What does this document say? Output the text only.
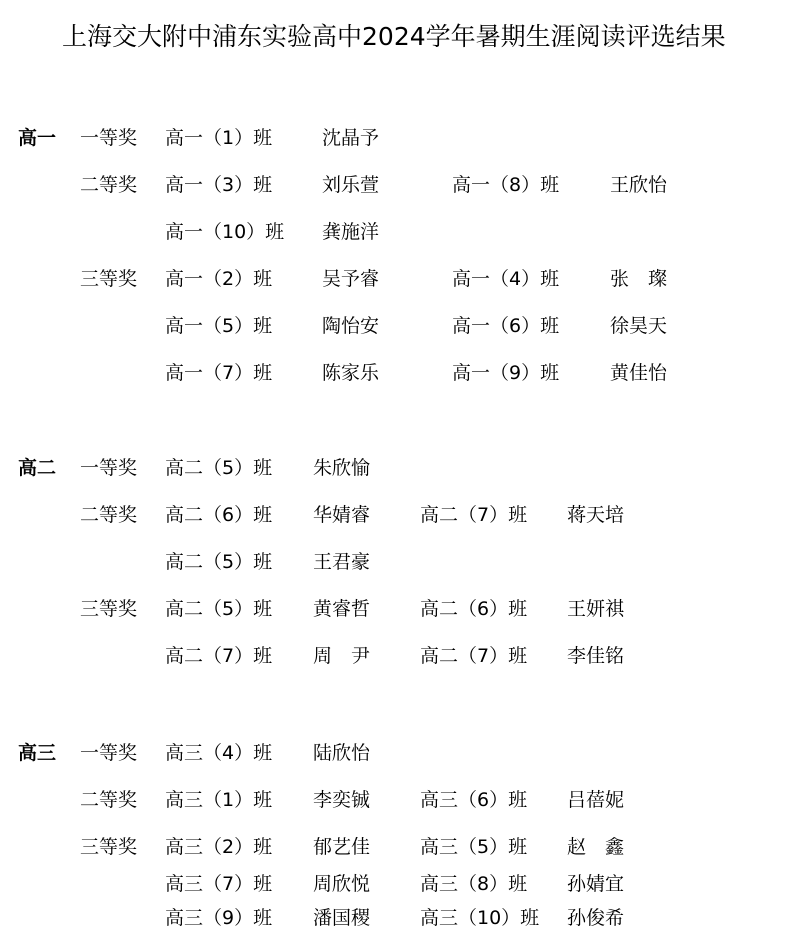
上海交大附中浦东实验高中2024学年暑期生涯阅读评选结果
高一 一等奖 高一（1）班	沈晶予
二等奖 高一（3）班	刘乐萱	高一（8）班	王欣怡
高一（10）班 龚施洋
三等奖 高一（2）班	吴予睿	高一（4）班	张　璨
高一（5）班	陶怡安	高一（6）班	徐昊天
高一（7）班	陈家乐	高一（9）班	黄佳怡
高二 一等奖 高二（5）班 朱欣愉
二等奖 高二（6）班 华婧睿	高二（7）班 蒋天培
高二（5）班 王君豪
三等奖 高二（5）班 黄睿哲	高二（6）班 王妍祺
高二（7）班 周　尹	高二（7）班 李佳铭
高三 一等奖 高三（4）班 陆欣怡
二等奖 高三（1）班 李奕铖	高三（6）班 吕蓓妮
三等奖 高三（2）班 郁艺佳	高三（5）班 赵　鑫
高三（7）班 周欣悦	高三（8）班 孙婧宜
高三（9）班 潘国稷	高三（10）班 孙俊希
